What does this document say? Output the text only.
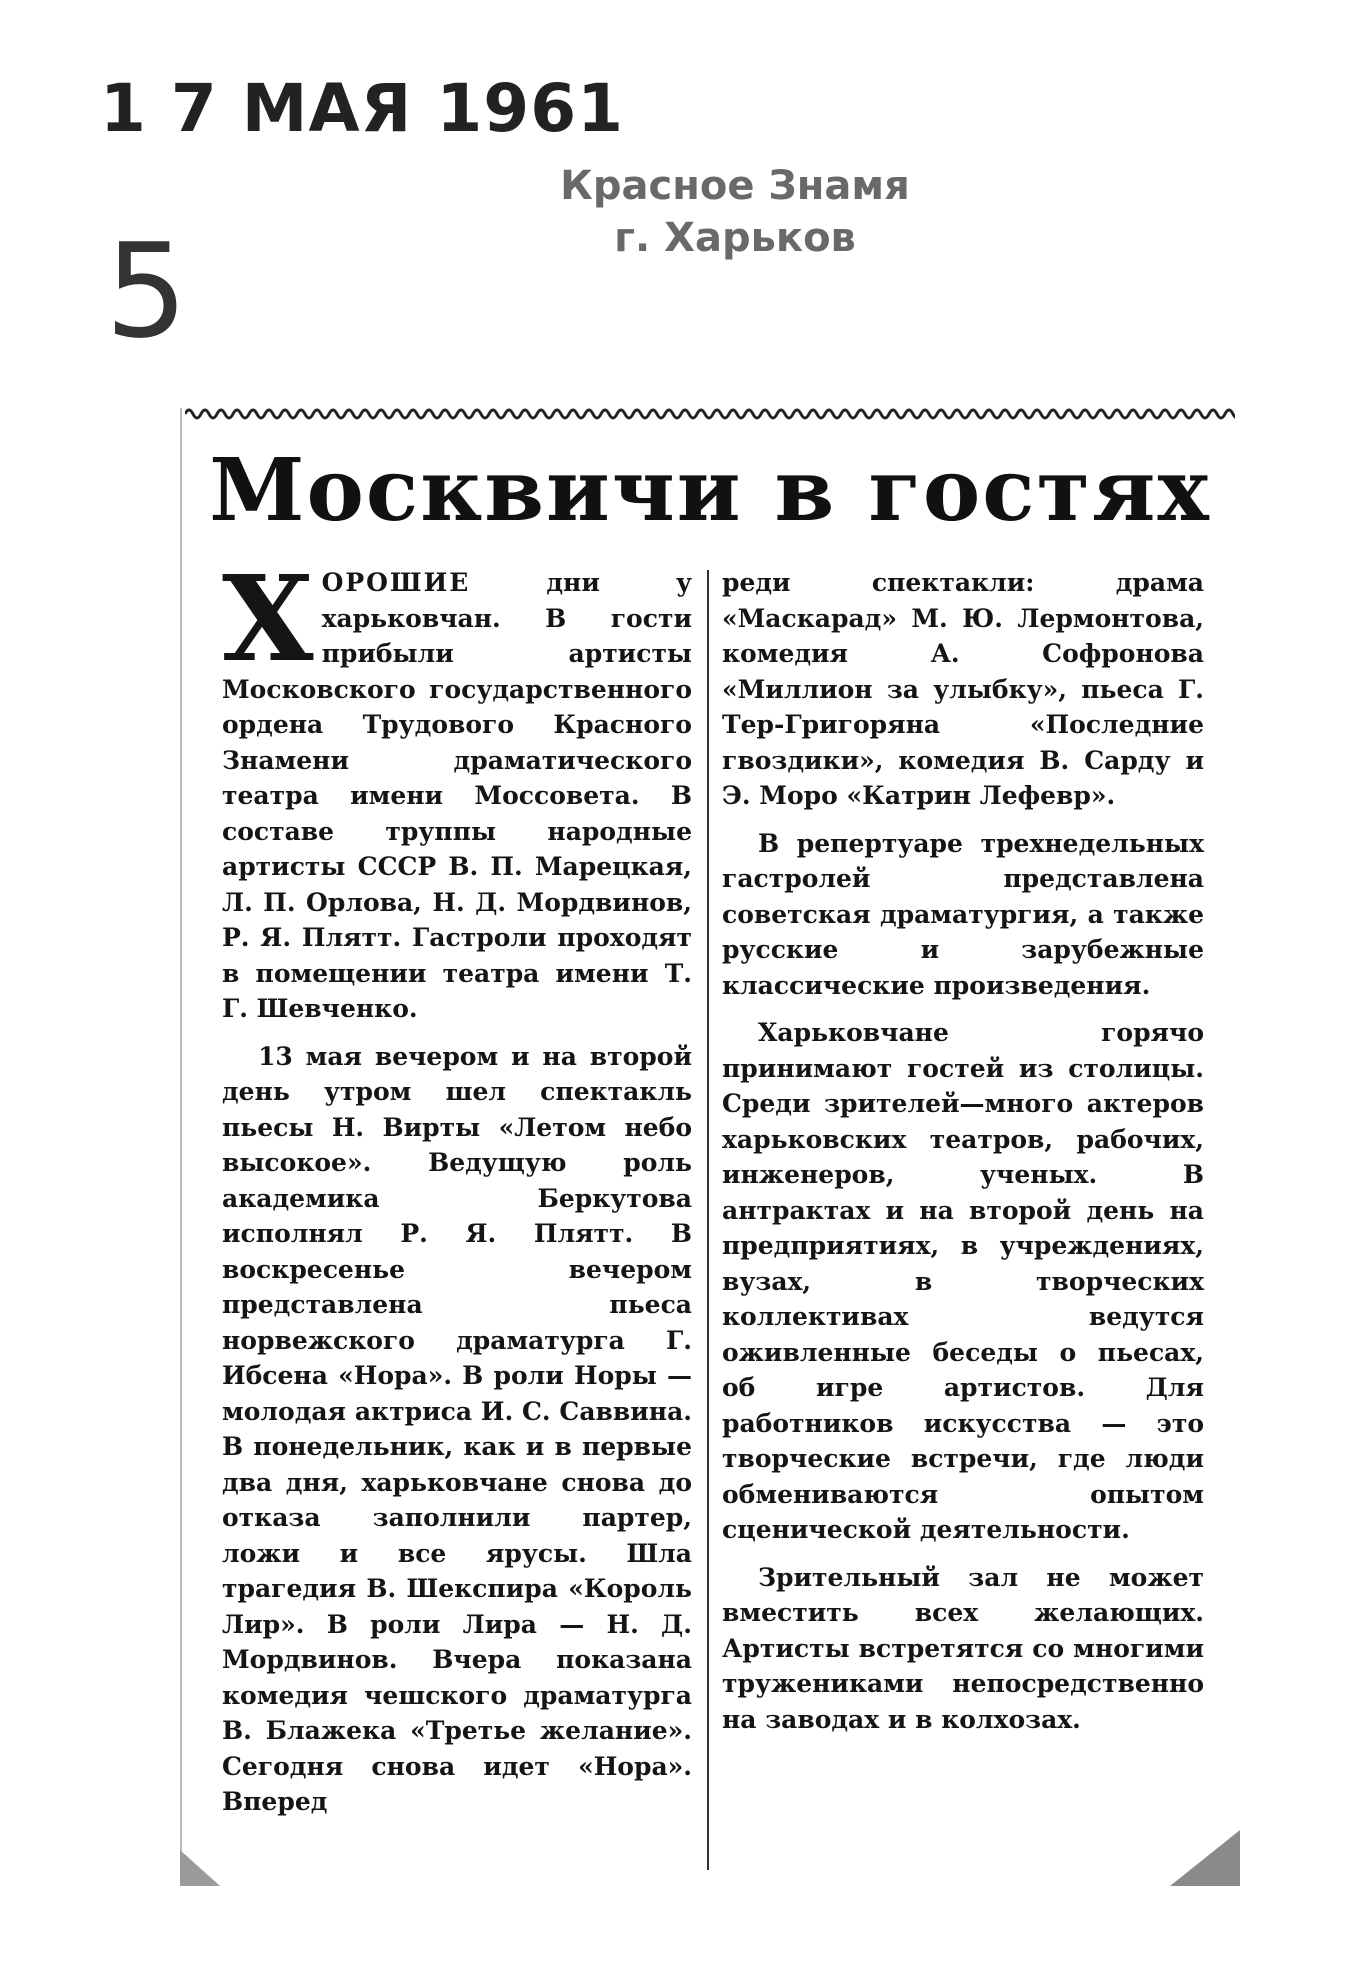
1 7 МАЯ 1961
Красное Знамя
г. Харьков
5
Москвичи в гостях

ХОРОШИЕ дни у харьковчан. В гости прибыли артисты Московского государственного ордена Трудового Красного Знамени драматического театра имени Моссовета. В составе труппы народные артисты СССР В. П. Марецкая, Л. П. Орлова, Н. Д. Мордвинов, Р. Я. Плятт. Гастроли проходят в помещении театра имени Т. Г. Шевченко.

13 мая вечером и на второй день утром шел спектакль пьесы Н. Вирты «Летом небо высокое». Ведущую роль академика Беркутова исполнял Р. Я. Плятт. В воскресенье вечером представлена пьеса норвежского драматурга Г. Ибсена «Нора». В роли Норы — молодая актриса И. С. Саввина. В понедельник, как и в первые два дня, харьковчане снова до отказа заполнили партер, ложи и все ярусы. Шла трагедия В. Шекспира «Король Лир». В роли Лира — Н. Д. Мордвинов. Вчера показана комедия чешского драматурга В. Блажека «Третье желание». Сегодня снова идет «Нора». Вперед

реди спектакли: драма «Маскарад» М. Ю. Лермонтова, комедия А. Софронова «Миллион за улыбку», пьеса Г. Тер-Григоряна «Последние гвоздики», комедия В. Сарду и Э. Моро «Катрин Лефевр».

В репертуаре трехнедельных гастролей представлена советская драматургия, а также русские и зарубежные классические произведения.

Харьковчане горячо принимают гостей из столицы. Среди зрителей—много актеров харьковских театров, рабочих, инженеров, ученых. В антрактах и на второй день на предприятиях, в учреждениях, вузах, в творческих коллективах ведутся оживленные беседы о пьесах, об игре артистов. Для работников искусства — это творческие встречи, где люди обмениваются опытом сценической деятельности.

Зрительный зал не может вместить всех желающих. Артисты встретятся со многими тружениками непосредственно на заводах и в колхозах.
